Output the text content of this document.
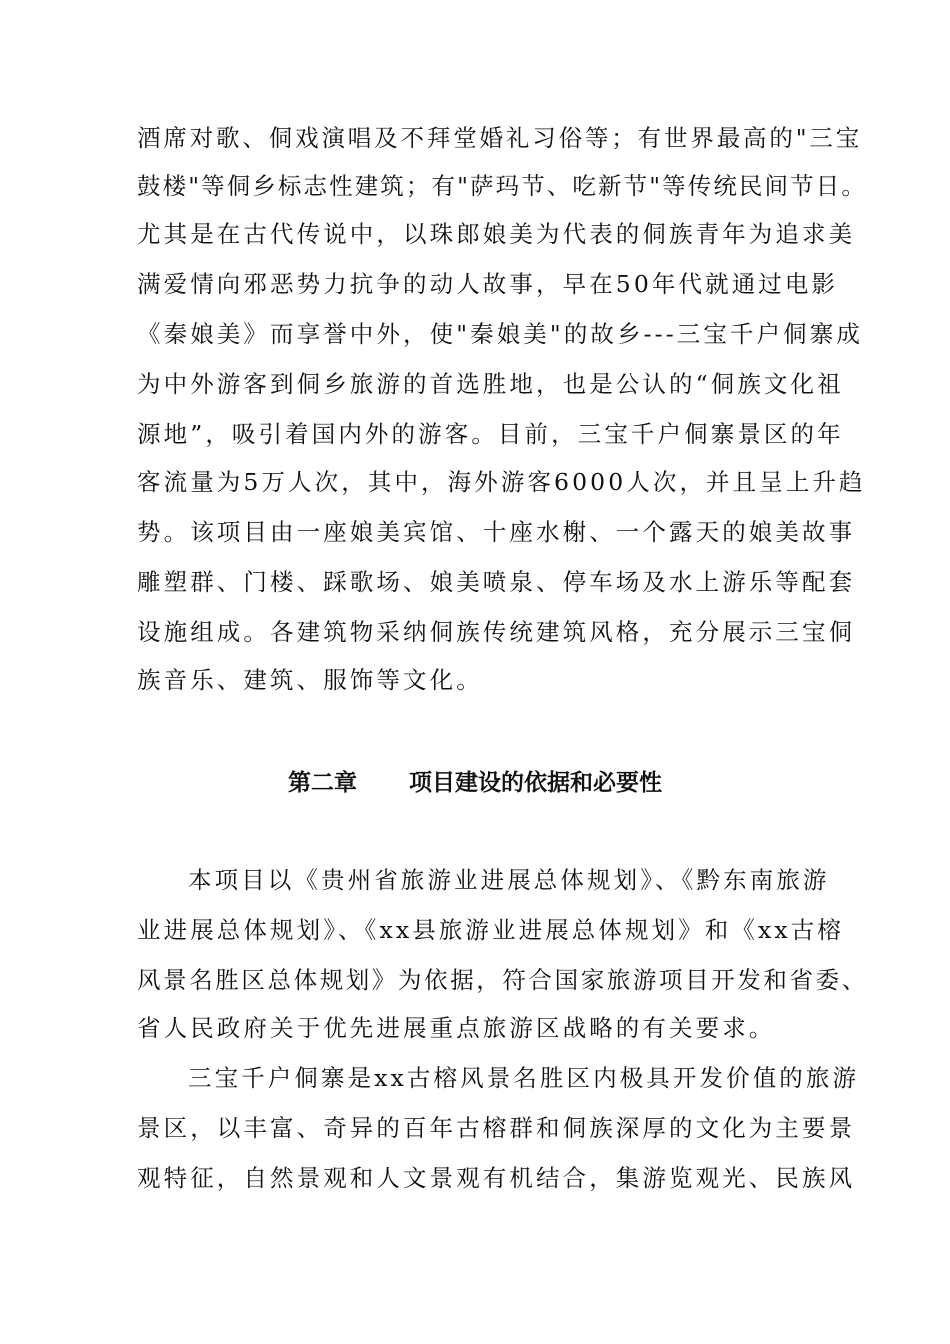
酒席对歌、侗戏演唱及不拜堂婚礼习俗等；有世界最高的"三宝
鼓楼"等侗乡标志性建筑；有"萨玛节、吃新节"等传统民间节日。
尤其是在古代传说中，以珠郎娘美为代表的侗族青年为追求美
满爱情向邪恶势力抗争的动人故事，早在50年代就通过电影
《秦娘美》而享誉中外，使"秦娘美"的故乡---三宝千户侗寨成
为中外游客到侗乡旅游的首选胜地，也是公认的“侗族文化祖
源地”，吸引着国内外的游客。目前，三宝千户侗寨景区的年
客流量为5万人次，其中，海外游客6000人次，并且呈上升趋
势。该项目由一座娘美宾馆、十座水榭、一个露天的娘美故事
雕塑群、门楼、踩歌场、娘美喷泉、停车场及水上游乐等配套
设施组成。各建筑物采纳侗族传统建筑风格，充分展示三宝侗
族音乐、建筑、服饰等文化。
第二章 项目建设的依据和必要性
本项目以《贵州省旅游业进展总体规划》、《黔东南旅游
业进展总体规划》、《xx县旅游业进展总体规划》和《xx古榕
风景名胜区总体规划》为依据，符合国家旅游项目开发和省委、
省人民政府关于优先进展重点旅游区战略的有关要求。
三宝千户侗寨是xx古榕风景名胜区内极具开发价值的旅游
景区，以丰富、奇异的百年古榕群和侗族深厚的文化为主要景
观特征，自然景观和人文景观有机结合，集游览观光、民族风
